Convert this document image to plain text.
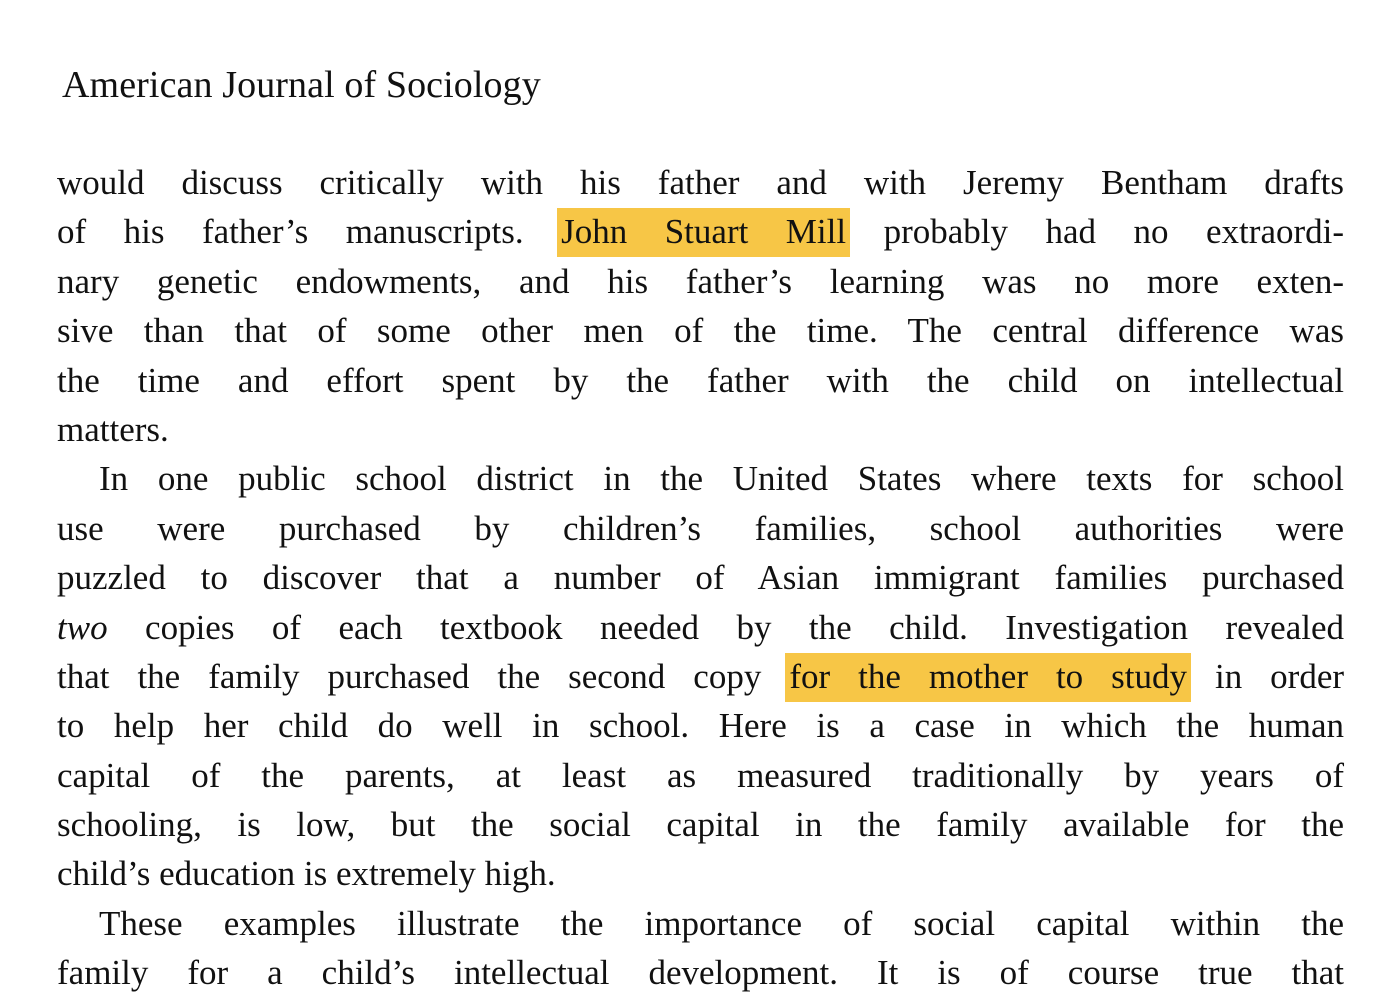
American Journal of Sociology
would discuss critically with his father and with Jeremy Bentham drafts
of his father’s manuscripts. John Stuart Mill probably had no extraordi-
nary genetic endowments, and his father’s learning was no more exten-
sive than that of some other men of the time. The central difference was
the time and effort spent by the father with the child on intellectual
matters.
In one public school district in the United States where texts for school
use were purchased by children’s families, school authorities were
puzzled to discover that a number of Asian immigrant families purchased
two copies of each textbook needed by the child. Investigation revealed
that the family purchased the second copy for the mother to study in order
to help her child do well in school. Here is a case in which the human
capital of the parents, at least as measured traditionally by years of
schooling, is low, but the social capital in the family available for the
child’s education is extremely high.
These examples illustrate the importance of social capital within the
family for a child’s intellectual development. It is of course true that
